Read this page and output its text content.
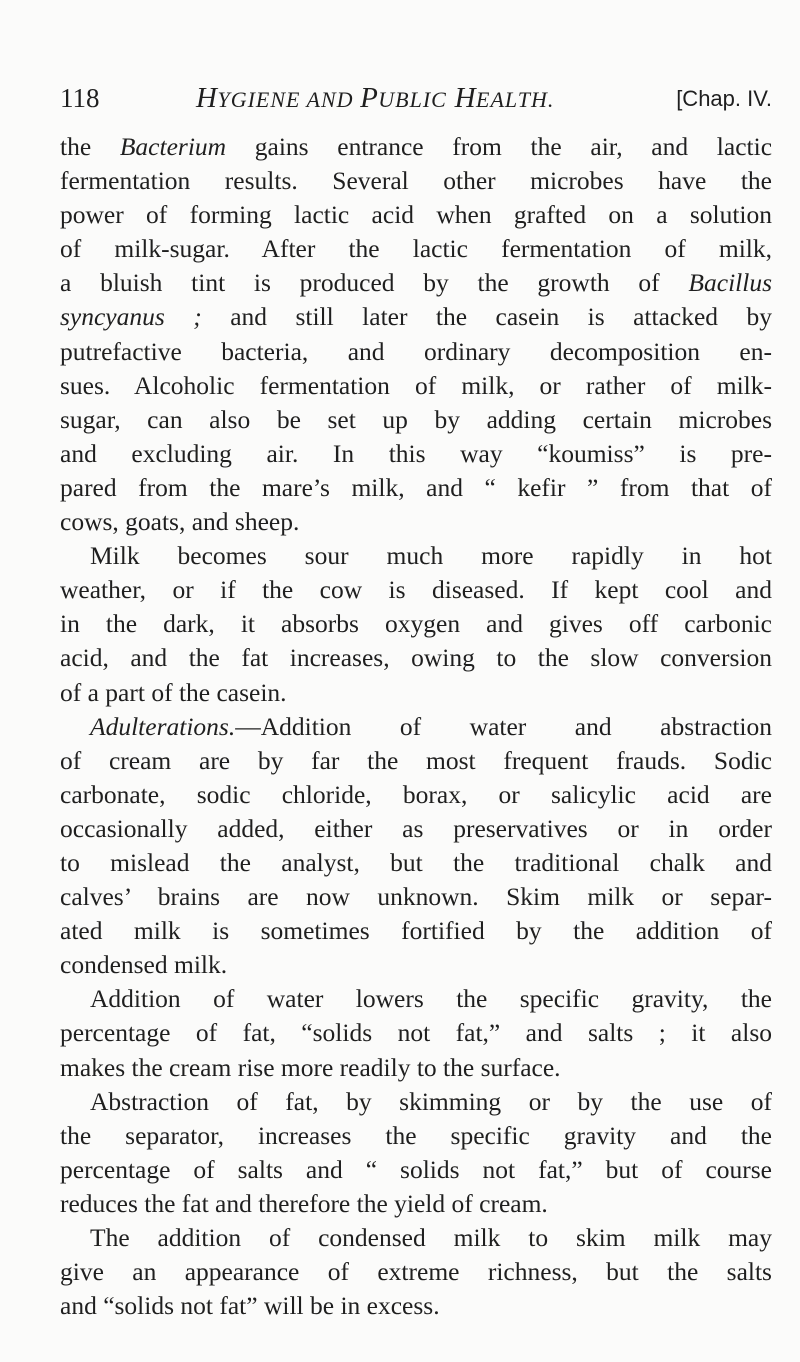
118	HYGIENE AND PUBLIC HEALTH.	[Chap. IV.
the Bacterium gains entrance from the air, and lactic
fermentation results. Several other microbes have the
power of forming lactic acid when grafted on a solution
of milk-sugar. After the lactic fermentation of milk,
a bluish tint is produced by the growth of Bacillus
syncyanus ; and still later the casein is attacked by
putrefactive bacteria, and ordinary decomposition en-
sues. Alcoholic fermentation of milk, or rather of milk-
sugar, can also be set up by adding certain microbes
and excluding air. In this way “koumiss” is pre-
pared from the mare’s milk, and “ kefir ” from that of
cows, goats, and sheep.
Milk becomes sour much more rapidly in hot
weather, or if the cow is diseased. If kept cool and
in the dark, it absorbs oxygen and gives off carbonic
acid, and the fat increases, owing to the slow conversion
of a part of the casein.
Adulterations.—Addition of water and abstraction
of cream are by far the most frequent frauds. Sodic
carbonate, sodic chloride, borax, or salicylic acid are
occasionally added, either as preservatives or in order
to mislead the analyst, but the traditional chalk and
calves’ brains are now unknown. Skim milk or separ-
ated milk is sometimes fortified by the addition of
condensed milk.
Addition of water lowers the specific gravity, the
percentage of fat, “solids not fat,” and salts ; it also
makes the cream rise more readily to the surface.
Abstraction of fat, by skimming or by the use of
the separator, increases the specific gravity and the
percentage of salts and “ solids not fat,” but of course
reduces the fat and therefore the yield of cream.
The addition of condensed milk to skim milk may
give an appearance of extreme richness, but the salts
and “solids not fat” will be in excess.
